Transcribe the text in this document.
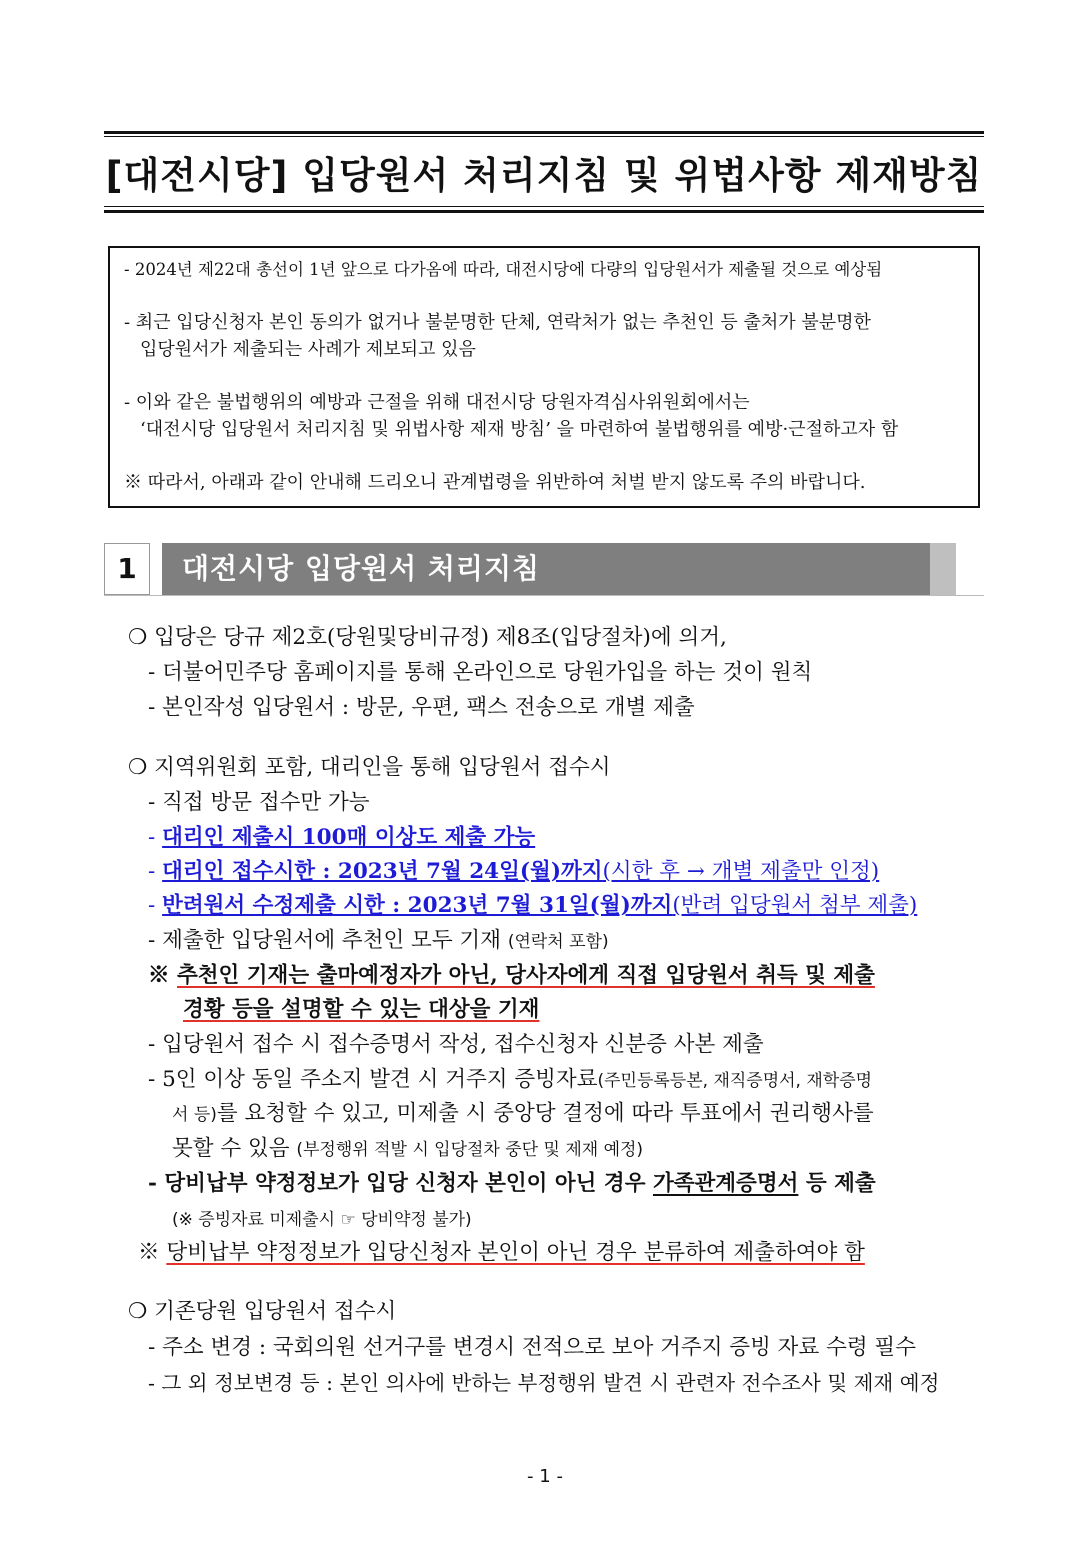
[대전시당] 입당원서 처리지침 및 위법사항 제재방침

- 2024년 제22대 총선이 1년 앞으로 다가옴에 따라, 대전시당에 다량의 입당원서가 제출될 것으로 예상됨

- 최근 입당신청자 본인 동의가 없거나 불분명한 단체, 연락처가 없는 추천인 등 출처가 불분명한
입당원서가 제출되는 사례가 제보되고 있음

- 이와 같은 불법행위의 예방과 근절을 위해 대전시당 당원자격심사위원회에서는
‘대전시당 입당원서 처리지침 및 위법사항 제재 방침’ 을 마련하여 불법행위를 예방·근절하고자 함

※ 따라서, 아래과 같이 안내해 드리오니 관계법령을 위반하여 처벌 받지 않도록 주의 바랍니다.

1	대전시당 입당원서 처리지침
❍ 입당은 당규 제2호(당원및당비규정) 제8조(입당절차)에 의거,
- 더불어민주당 홈페이지를 통해 온라인으로 당원가입을 하는 것이 원칙
- 본인작성 입당원서 : 방문, 우편, 팩스 전송으로 개별 제출
❍ 지역위원회 포함, 대리인을 통해 입당원서 접수시
- 직접 방문 접수만 가능
- 대리인 제출시 100매 이상도 제출 가능
- 대리인 접수시한 : 2023년 7월 24일(월)까지(시한 후 → 개별 제출만 인정)
- 반려원서 수정제출 시한 : 2023년 7월 31일(월)까지(반려 입당원서 첨부 제출)
- 제출한 입당원서에 추천인 모두 기재 (연락처 포함)
※ 추천인 기재는 출마예정자가 아닌, 당사자에게 직접 입당원서 취득 및 제출
경황 등을 설명할 수 있는 대상을 기재
- 입당원서 접수 시 접수증명서 작성, 접수신청자 신분증 사본 제출
- 5인 이상 동일 주소지 발견 시 거주지 증빙자료(주민등록등본, 재직증명서, 재학증명
서 등)를 요청할 수 있고, 미제출 시 중앙당 결정에 따라 투표에서 권리행사를
못할 수 있음 (부정행위 적발 시 입당절차 중단 및 제재 예정)
- 당비납부 약정정보가 입당 신청자 본인이 아닌 경우 가족관계증명서 등 제출
(※ 증빙자료 미제출시 ☞ 당비약정 불가)
※ 당비납부 약정정보가 입당신청자 본인이 아닌 경우 분류하여 제출하여야 함
❍ 기존당원 입당원서 접수시
- 주소 변경 : 국회의원 선거구를 변경시 전적으로 보아 거주지 증빙 자료 수령 필수
- 그 외 정보변경 등 : 본인 의사에 반하는 부정행위 발견 시 관련자 전수조사 및 제재 예정
- 1 -
